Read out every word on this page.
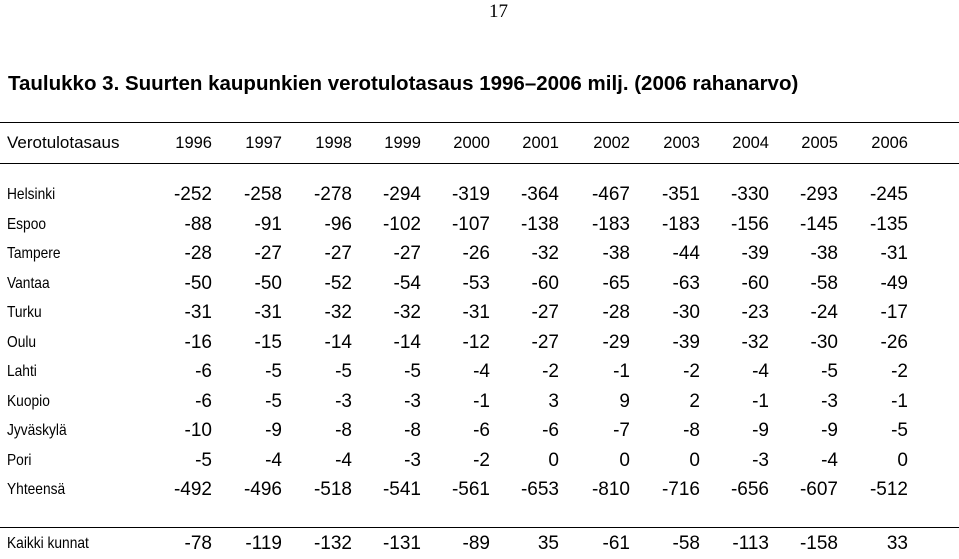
17
Taulukko 3. Suurten kaupunkien verotulotasaus 1996–2006 milj. (2006 rahanarvo)
Verotulotasaus	1996	1997	1998	1999	2000	2001	2002	2003	2004	2005	2006
Helsinki	-252	-258	-278	-294	-319	-364	-467	-351	-330	-293	-245
Espoo	-88	-91	-96	-102	-107	-138	-183	-183	-156	-145	-135
Tampere	-28	-27	-27	-27	-26	-32	-38	-44	-39	-38	-31
Vantaa	-50	-50	-52	-54	-53	-60	-65	-63	-60	-58	-49
Turku	-31	-31	-32	-32	-31	-27	-28	-30	-23	-24	-17
Oulu	-16	-15	-14	-14	-12	-27	-29	-39	-32	-30	-26
Lahti	-6	-5	-5	-5	-4	-2	-1	-2	-4	-5	-2
Kuopio	-6	-5	-3	-3	-1	3	9	2	-1	-3	-1
Jyväskylä	-10	-9	-8	-8	-6	-6	-7	-8	-9	-9	-5
Pori	-5	-4	-4	-3	-2	0	0	0	-3	-4	0
Yhteensä	-492	-496	-518	-541	-561	-653	-810	-716	-656	-607	-512
Kaikki kunnat	-78	-119	-132	-131	-89	35	-61	-58	-113	-158	33
